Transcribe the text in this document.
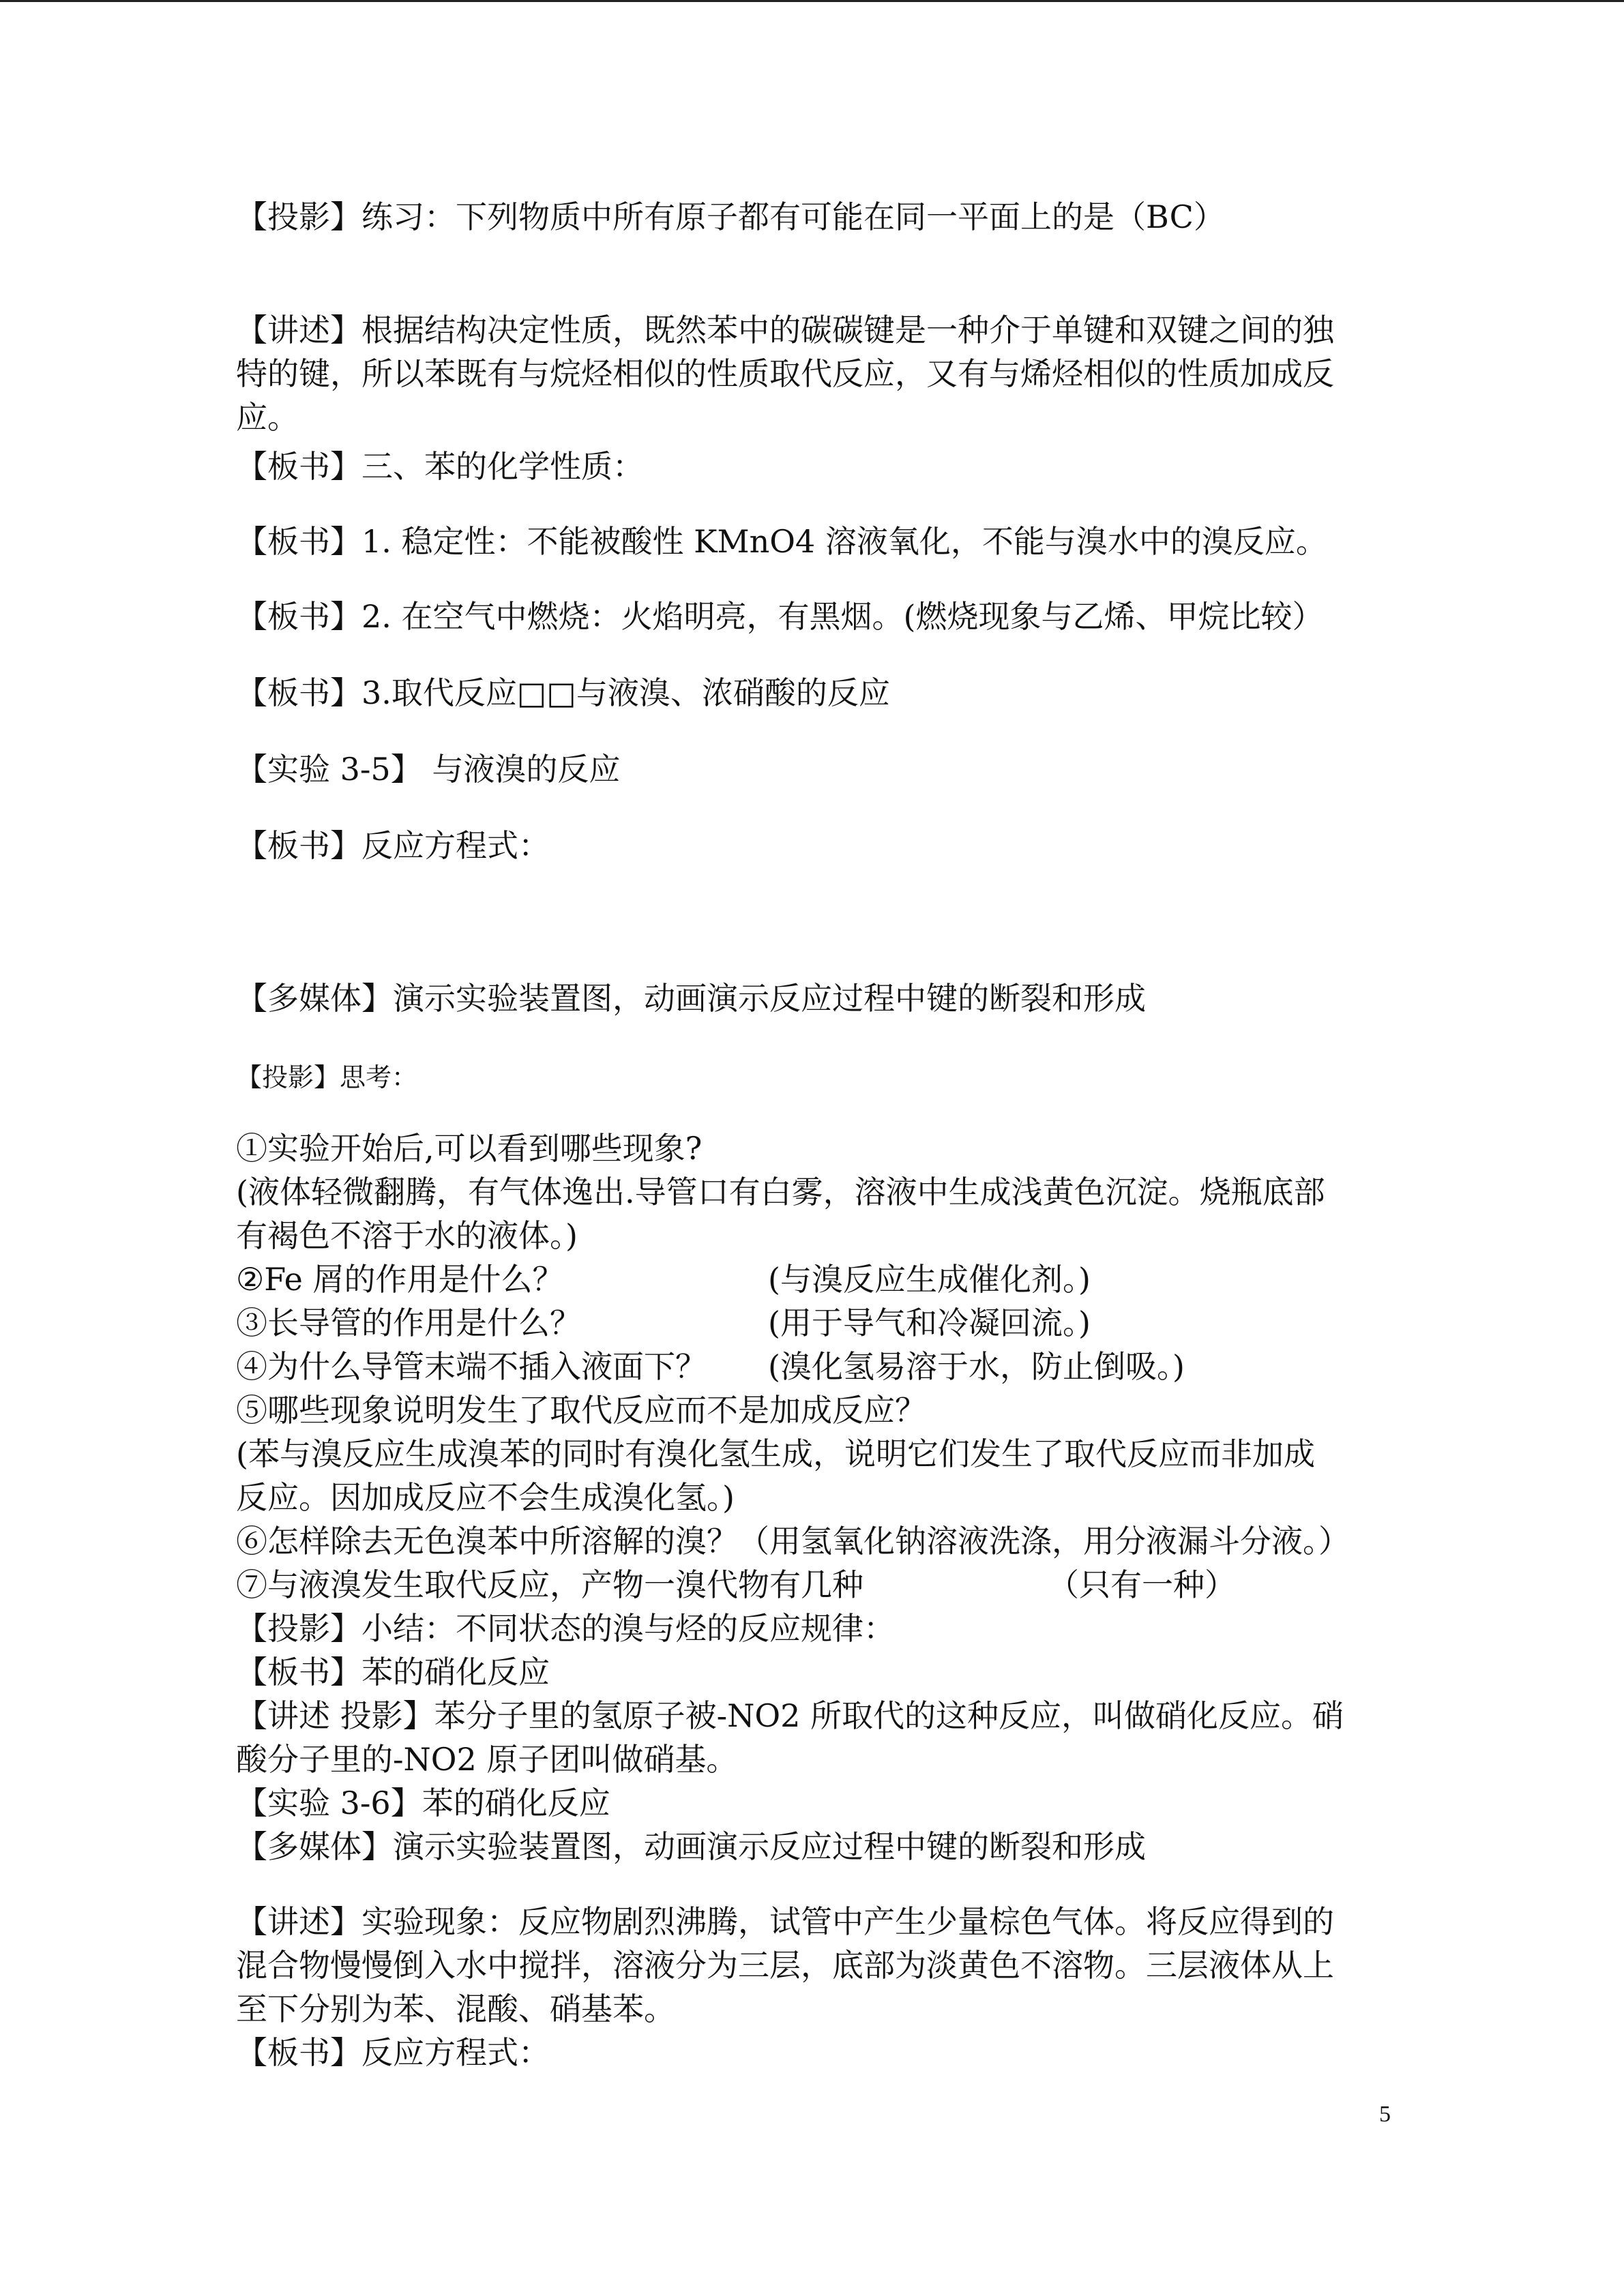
【投影】练习：下列物质中所有原子都有可能在同一平面上的是（BC）
【讲述】根据结构决定性质，既然苯中的碳碳键是一种介于单键和双键之间的独
特的键，所以苯既有与烷烃相似的性质取代反应，又有与烯烃相似的性质加成反
应。
【板书】三、苯的化学性质：
【板书】1. 稳定性：不能被酸性 KMnO4 溶液氧化，不能与溴水中的溴反应。
【板书】2. 在空气中燃烧：火焰明亮，有黑烟。(燃烧现象与乙烯、甲烷比较）
【板书】3.取代反应□□与液溴、浓硝酸的反应
【实验 3-5】 与液溴的反应
【板书】反应方程式：
【多媒体】演示实验装置图，动画演示反应过程中键的断裂和形成
【投影】思考：
①实验开始后,可以看到哪些现象?
(液体轻微翻腾，有气体逸出.导管口有白雾，溶液中生成浅黄色沉淀。烧瓶底部
有褐色不溶于水的液体。)
②Fe 屑的作用是什么？	(与溴反应生成催化剂。)
③长导管的作用是什么？	(用于导气和冷凝回流。)
④为什么导管末端不插入液面下？ (溴化氢易溶于水，防止倒吸。)
⑤哪些现象说明发生了取代反应而不是加成反应？
(苯与溴反应生成溴苯的同时有溴化氢生成，说明它们发生了取代反应而非加成
反应。因加成反应不会生成溴化氢。)
⑥怎样除去无色溴苯中所溶解的溴？（用氢氧化钠溶液洗涤，用分液漏斗分液。）
⑦与液溴发生取代反应，产物一溴代物有几种	（只有一种）
【投影】小结：不同状态的溴与烃的反应规律：
【板书】苯的硝化反应
【讲述 投影】苯分子里的氢原子被-NO2 所取代的这种反应，叫做硝化反应。硝
酸分子里的-NO2 原子团叫做硝基。
【实验 3-6】苯的硝化反应
【多媒体】演示实验装置图，动画演示反应过程中键的断裂和形成
【讲述】实验现象：反应物剧烈沸腾，试管中产生少量棕色气体。将反应得到的
混合物慢慢倒入水中搅拌，溶液分为三层，底部为淡黄色不溶物。三层液体从上
至下分别为苯、混酸、硝基苯。
【板书】反应方程式：
5
